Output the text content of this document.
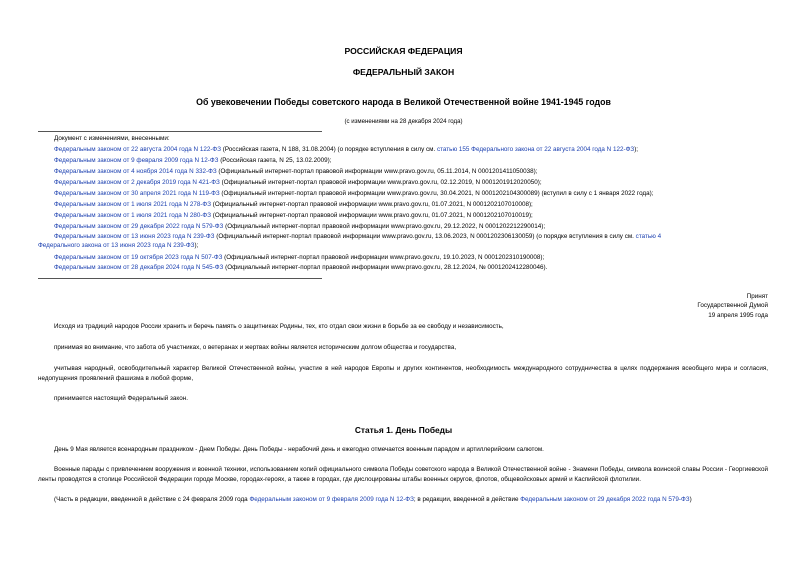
РОССИЙСКАЯ ФЕДЕРАЦИЯ
ФЕДЕРАЛЬНЫЙ ЗАКОН
Об увековечении Победы советского народа в Великой Отечественной войне 1941-1945 годов
(с изменениями на 28 декабря 2024 года)
Документ с изменениями, внесенными:
Федеральным законом от 22 августа 2004 года N 122-ФЗ (Российская газета, N 188, 31.08.2004) (о порядке вступления в силу см. статью 155 Федерального закона от 22 августа 2004 года N 122-ФЗ);
Федеральным законом от 9 февраля 2009 года N 12-ФЗ (Российская газета, N 25, 13.02.2009);
Федеральным законом от 4 ноября 2014 года N 332-ФЗ (Официальный интернет-портал правовой информации www.pravo.gov.ru, 05.11.2014, N 0001201411050038);
Федеральным законом от 2 декабря 2019 года N 421-ФЗ (Официальный интернет-портал правовой информации www.pravo.gov.ru, 02.12.2019, N 0001201912020050);
Федеральным законом от 30 апреля 2021 года N 119-ФЗ (Официальный интернет-портал правовой информации www.pravo.gov.ru, 30.04.2021, N 0001202104300089) (вступил в силу с 1 января 2022 года);
Федеральным законом от 1 июля 2021 года N 278-ФЗ (Официальный интернет-портал правовой информации www.pravo.gov.ru, 01.07.2021, N 0001202107010008);
Федеральным законом от 1 июля 2021 года N 280-ФЗ (Официальный интернет-портал правовой информации www.pravo.gov.ru, 01.07.2021, N 0001202107010019);
Федеральным законом от 29 декабря 2022 года N 579-ФЗ (Официальный интернет-портал правовой информации www.pravo.gov.ru, 29.12.2022, N 0001202212290014);
Федеральным законом от 13 июня 2023 года N 239-ФЗ (Официальный интернет-портал правовой информации www.pravo.gov.ru, 13.06.2023, N 0001202306130059) (о порядке вступления в силу см. статью 4
Федерального закона от 13 июня 2023 года N 239-ФЗ);
Федеральным законом от 19 октября 2023 года N 507-ФЗ (Официальный интернет-портал правовой информации www.pravo.gov.ru, 19.10.2023, N 0001202310190008);
Федеральным законом от 28 декабря 2024 года N 545-ФЗ (Официальный интернет-портал правовой информации www.pravo.gov.ru, 28.12.2024, № 0001202412280046).
Принят
Государственной Думой
19 апреля 1995 года
Исходя из традиций народов России хранить и беречь память о защитниках Родины, тех, кто отдал свои жизни в борьбе за ее свободу и независимость,
принимая во внимание, что забота об участниках, о ветеранах и жертвах войны является историческим долгом общества и государства,
учитывая народный, освободительный характер Великой Отечественной войны, участие в ней народов Европы и других континентов, необходимость международного сотрудничества в целях поддержания всеобщего мира и согласия, недопущения проявлений фашизма в любой форме,
принимается настоящий Федеральный закон.
Статья 1. День Победы
День 9 Мая является всенародным праздником - Днем Победы. День Победы - нерабочий день и ежегодно отмечается военным парадом и артиллерийским салютом.
Военные парады с привлечением вооружения и военной техники, использованием копий официального символа Победы советского народа в Великой Отечественной войне - Знамени Победы, символа воинской славы России - Георгиевской ленты проводятся в столице Российской Федерации городе Москве, городах-героях, а также в городах, где дислоцированы штабы военных округов, флотов, общевойсковых армий и Каспийской флотилии.
(Часть в редакции, введенной в действие с 24 февраля 2009 года Федеральным законом от 9 февраля 2009 года N 12-ФЗ; в редакции, введенной в действие Федеральным законом от 29 декабря 2022 года N 579-ФЗ)
